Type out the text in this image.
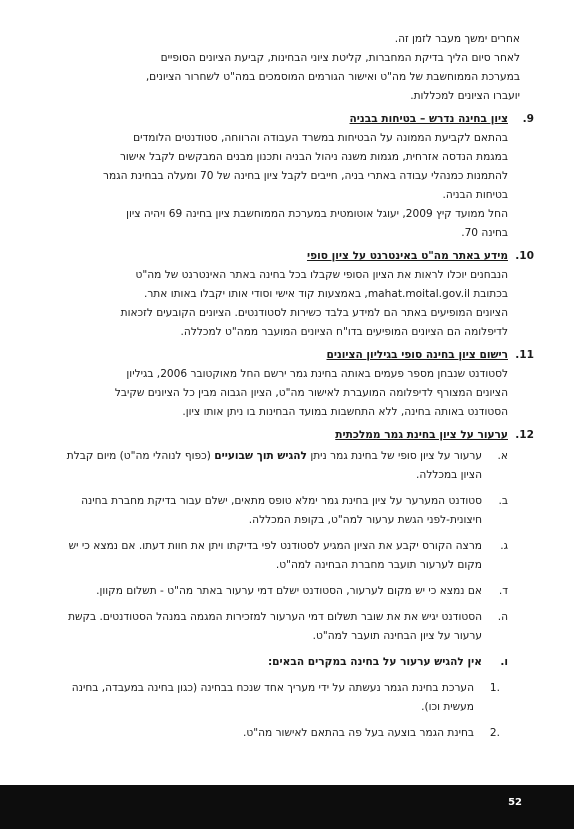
אחרים ימשך מעבר לזמן זה.

לאחר סיום הליך בדיקת המחברות, קליטת ציוני הבחינות, קביעת הציונים הסופיים

במערכת הממוחשבת של מה"ט ואישור הגורמים המוסמכים במה"ט לשחרור הציונים,

יועברו הציונים למכללות.

.9
ציון בחינה נדרש – בטיחות בבניה

בהתאם לקביעת הממונה על הבטיחות במשרד העבודה והרווחה, סטודנטים הלומדים

במגמת הנדסה אזרחית, מגמות משנה ניהול הבניה ותכנון מבנים המבקשים לקבל אישור

להתמנות כמנהלי עבודה באתרי בניה, חייבים לקבל ציון בחינה של 70 ומעלה בבחינת הגמר

בטיחות הבניה.

החל ממועד קיץ 2009, יעוגל אוטומטית במערכת הממוחשבת ציון בחינה 69 ויהיה ציון

בחינה 70.

.10
מידע באתר מה"ט באינטרנט על ציון סופי

הנבחנים יוכלו לראות את הציון הסופי שקבלו בכל בחינה באתר האינטרנט של מה"ט

בכתובת mahat.moital.gov.il, באמצעות קוד אישי וסודי אותו יקבלו באותו אתר.

הציונים המופיעים באתר הם למידע בלבד כשירות לסטודנטים. הציונים הקובעים לזכאות

לדיפלומה הם הציונים המופיעים בדו"ח הציונים המועבר ממה"ט למכללה.

.11
רישום ציון בחינה סופי בגיליון הציונים

לסטודנט שנבחן מספר פעמים באותה בחינת גמר ירשם החל מאוקטובר 2006, בגיליון

הציונים המצורף לדיפלומה המועברת לאישור מה"ט, הציון הגבוה מבין כל הציונים שקיבל

הסטודנט באותה בחינה, ללא התחשבות במועד הבחינות בו ניתן אותו ציון.

.12
ערעור על ציון בחינת גמר ממלכתית
א.
ערעור על ציון סופי של בחינת גמר ניתן להגיש תוך שבועיים (כפוף לנוהלי מה"ט) מיום קבלת הציון במכללה.
ב.
סטודנט המערער על ציון בחינת גמר ימלא טופס מתאים, ישלם עבור בדיקת מחברת בחינה חיצונית-לפני הגשת ערעור למה"ט, בקופת המכללה.
ג.
מרצה הקורס יקבע את הציון המגיע לסטודנט לפי בדיקתו ויתן את חוות דעתו. אם נמצא כי יש מקום לערעור תועבר מחברת הבחינה למה"ט.
ד.
אם נמצא כי יש מקום לערעור, הסטודנט ישלם דמי ערעור באתר מה"ט - תשלום מקוון.
ה.
הסטודנט יגיש את את שובר תשלום דמי הערעור למזכירות המגמה במנהל הסטודנטים. בקשת ערעור על ציון הבחינה תועבר למה"ט.
ו.
אין להגיש ערעור על בחינה במקרים הבאים:
.1
הערכת בחינת הגמר נעשתה על ידי מעריך אחד שנכח בבחינה (כגון בחינה במעבדה, בחינה מעשית וכו).
.2
בחינת הגמר בוצעה בעל פה בהתאם לאישור מה"ט.
52
